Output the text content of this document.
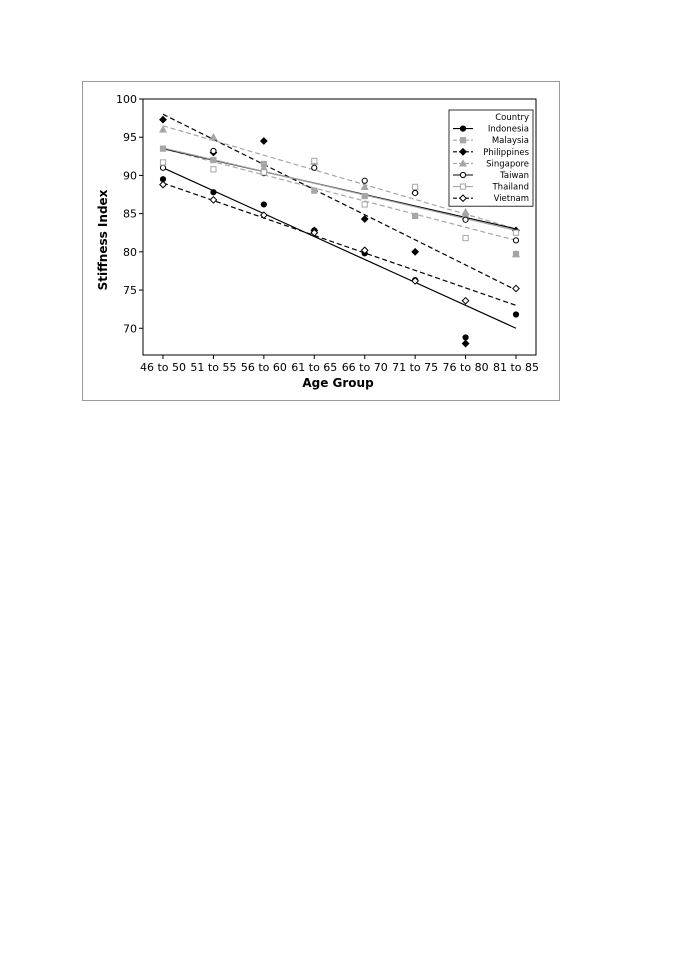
70
75
80
85
90
95
100
46 to 50 51 to 55 56 to 60 61 to 65 66 to 70 71 to 75 76 to 80 81 to 85
Stiffness Index
Age Group
Country
Indonesia
Malaysia
Philippines
Singapore
Taiwan
Thailand
Vietnam
